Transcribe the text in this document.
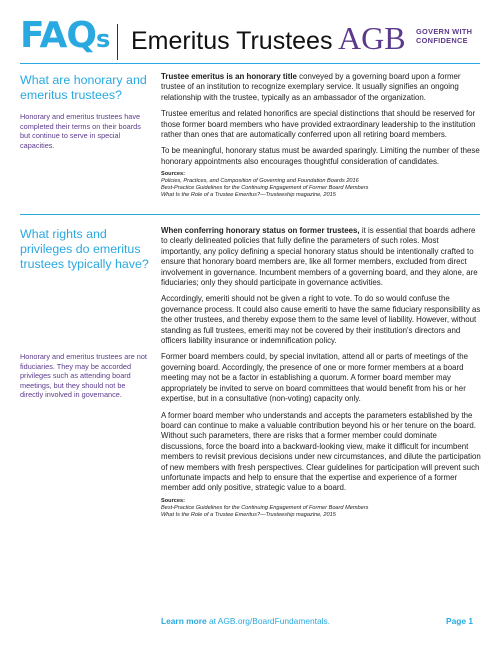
FAQs Emeritus Trustees AGB GOVERN WITH
CONFIDENCE
What are honorary and emeritus trustees?
Honorary and emeritus trustees have completed their terms on their boards but continue to serve in special capacities.

Trustee emeritus is an honorary title conveyed by a governing board upon a former trustee of an institution to recognize exemplary service. It usually signifies an ongoing relationship with the trustee, typically as an ambassador of the organization.

Trustee emeritus and related honorifics are special distinctions that should be reserved for those former board members who have provided extraordinary leadership to the institution rather than ones that are automatically conferred upon all retiring board members.

To be meaningful, honorary status must be awarded sparingly. Limiting the number of these honorary appointments also encourages thoughtful consideration of candidates.

Sources:
Policies, Practices, and Composition of Governing and Foundation Boards 2016
Best-Practice Guidelines for the Continuing Engagement of Former Board Members
What Is the Role of a Trustee Emeritus?—Trusteeship magazine, 2015
What rights and privileges do emeritus trustees typically have?
Honorary and emeritus trustees are not fiduciaries. They may be accorded privileges such as attending board meetings, but they should not be directly involved in governance.

When conferring honorary status on former trustees, it is essential that boards adhere to clearly delineated policies that fully define the parameters of such roles. Most importantly, any policy defining a special honorary status should be intentionally crafted to ensure that honorary board members are, like all former members, excluded from direct involvement in governance. Incumbent members of a governing board, and they alone, are fiduciaries; only they should participate in governance activities.

Accordingly, emeriti should not be given a right to vote. To do so would confuse the governance process. It could also cause emeriti to have the same fiduciary responsibility as the other trustees, and thereby expose them to the same level of liability. However, without standing as full trustees, emeriti may not be covered by their institution's directors and officers liability insurance or indemnification policy.

Former board members could, by special invitation, attend all or parts of meetings of the governing board. Accordingly, the presence of one or more former members at a board meeting may not be a factor in establishing a quorum. A former board member may appropriately be invited to serve on board committees that would benefit from his or her expertise, but in a consultative (non-voting) capacity only.

A former board member who understands and accepts the parameters established by the board can continue to make a valuable contribution beyond his or her tenure on the board. Without such parameters, there are risks that a former member could dominate discussions, force the board into a backward-looking view, make it difficult for incumbent members to revisit previous decisions under new circumstances, and dilute the participation of new members with fresh perspectives. Clear guidelines for participation will prevent such unfortunate impacts and help to ensure that the expertise and experience of a former member add only positive, strategic value to a board.

Sources:
Best-Practice Guidelines for the Continuing Engagement of Former Board Members
What Is the Role of a Trustee Emeritus?—Trusteeship magazine, 2015
Learn more at AGB.org/BoardFundamentals.	Page 1
